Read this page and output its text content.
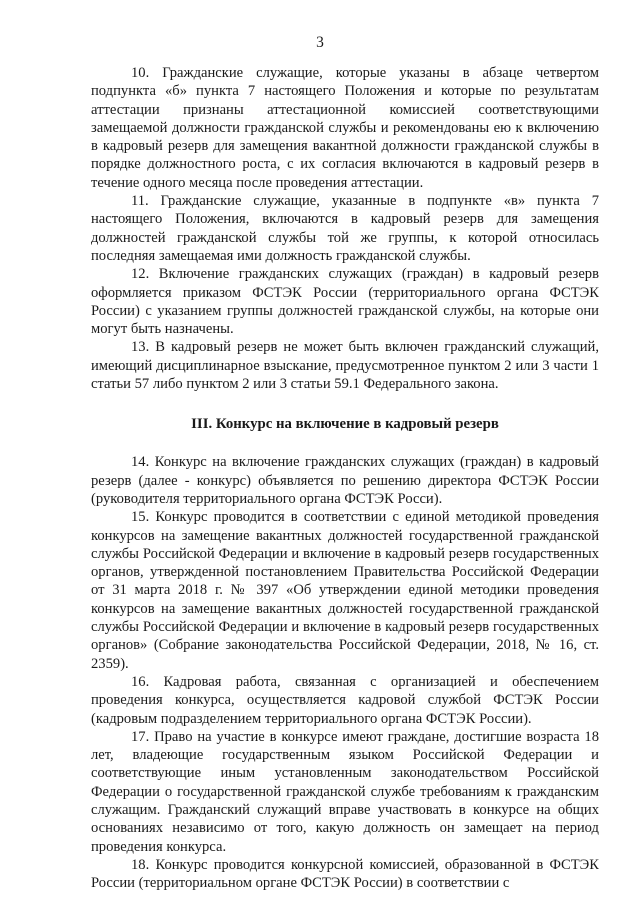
3

10. Гражданские служащие, которые указаны в абзаце четвертом подпункта «б» пункта 7 настоящего Положения и которые по результатам аттестации признаны аттестационной комиссией соответствующими замещаемой должности гражданской службы и рекомендованы ею к включению в кадровый резерв для замещения вакантной должности гражданской службы в порядке должностного роста, с их согласия включаются в кадровый резерв в течение одного месяца после проведения аттестации.

11. Гражданские служащие, указанные в подпункте «в» пункта 7 настоящего Положения, включаются в кадровый резерв для замещения должностей гражданской службы той же группы, к которой относилась последняя замещаемая ими должность гражданской службы.

12. Включение гражданских служащих (граждан) в кадровый резерв оформляется приказом ФСТЭК России (территориального органа ФСТЭК России) с указанием группы должностей гражданской службы, на которые они могут быть назначены.

13. В кадровый резерв не может быть включен гражданский служащий, имеющий дисциплинарное взыскание, предусмотренное пунктом 2 или 3 части 1 статьи 57 либо пунктом 2 или 3 статьи 59.1 Федерального закона.

III. Конкурс на включение в кадровый резерв

14. Конкурс на включение гражданских служащих (граждан) в кадровый резерв (далее - конкурс) объявляется по решению директора ФСТЭК России (руководителя территориального органа ФСТЭК Росси).

15. Конкурс проводится в соответствии с единой методикой проведения конкурсов на замещение вакантных должностей государственной гражданской службы Российской Федерации и включение в кадровый резерв государственных органов, утвержденной постановлением Правительства Российской Федерации от 31 марта 2018 г. № 397 «Об утверждении единой методики проведения конкурсов на замещение вакантных должностей государственной гражданской службы Российской Федерации и включение в кадровый резерв государственных органов» (Собрание законодательства Российской Федерации, 2018, № 16, ст. 2359).

16. Кадровая работа, связанная с организацией и обеспечением проведения конкурса, осуществляется кадровой службой ФСТЭК России (кадровым подразделением территориального органа ФСТЭК России).

17. Право на участие в конкурсе имеют граждане, достигшие возраста 18 лет, владеющие государственным языком Российской Федерации и соответствующие иным установленным законодательством Российской Федерации о государственной гражданской службе требованиям к гражданским служащим. Гражданский служащий вправе участвовать в конкурсе на общих основаниях независимо от того, какую должность он замещает на период проведения конкурса.

18. Конкурс проводится конкурсной комиссией, образованной в ФСТЭК России (территориальном органе ФСТЭК России) в соответствии с
